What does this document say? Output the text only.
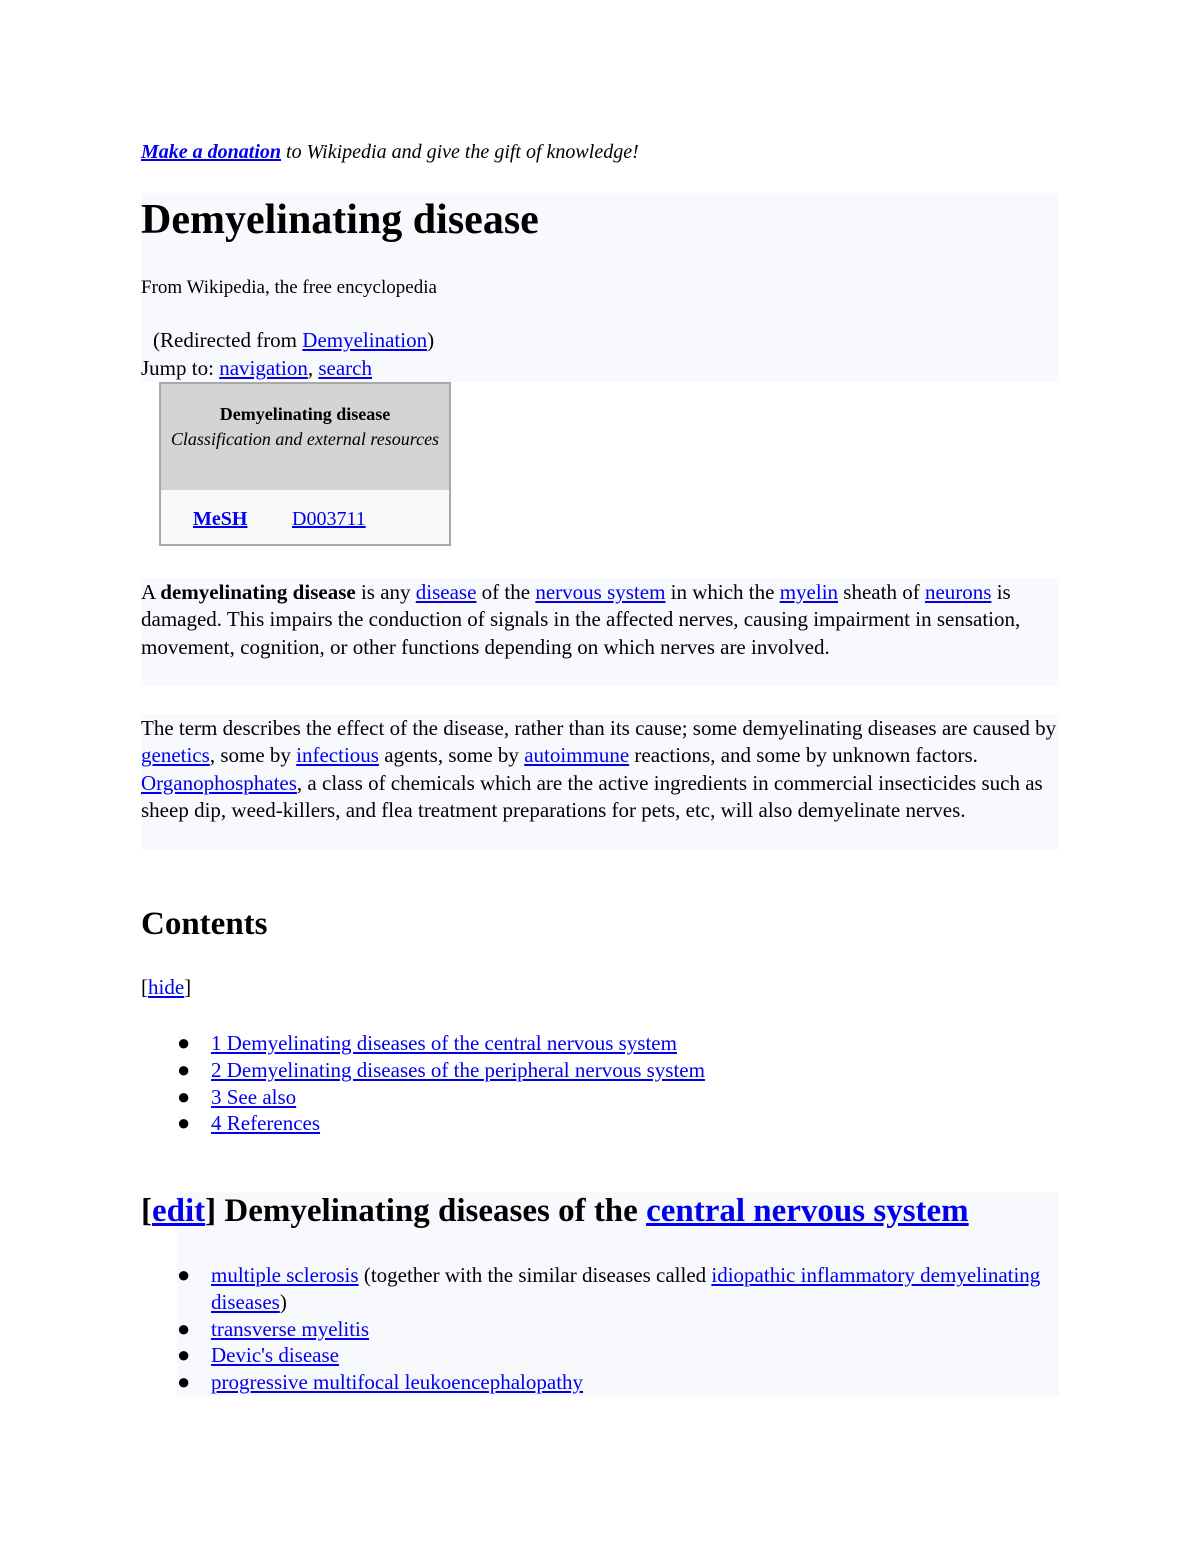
Make a donation to Wikipedia and give the gift of knowledge!
Demyelinating disease
From Wikipedia, the free encyclopedia
(Redirected from Demyelination)
Jump to: navigation, search
Demyelinating disease
Classification and external resources
MeSH D003711

A demyelinating disease is any disease of the nervous system in which the myelin sheath of neurons is damaged. This impairs the conduction of signals in the affected nerves, causing impairment in sensation, movement, cognition, or other functions depending on which nerves are involved.

The term describes the effect of the disease, rather than its cause; some demyelinating diseases are caused by genetics, some by infectious agents, some by autoimmune reactions, and some by unknown factors. Organophosphates, a class of chemicals which are the active ingredients in commercial insecticides such as sheep dip, weed-killers, and flea treatment preparations for pets, etc, will also demyelinate nerves.

Contents
[hide]
● 1 Demyelinating diseases of the central nervous system
● 2 Demyelinating diseases of the peripheral nervous system
● 3 See also
● 4 References
[edit] Demyelinating diseases of the central nervous system
● multiple sclerosis (together with the similar diseases called idiopathic inflammatory demyelinating diseases)
● transverse myelitis
● Devic's disease
● progressive multifocal leukoencephalopathy
